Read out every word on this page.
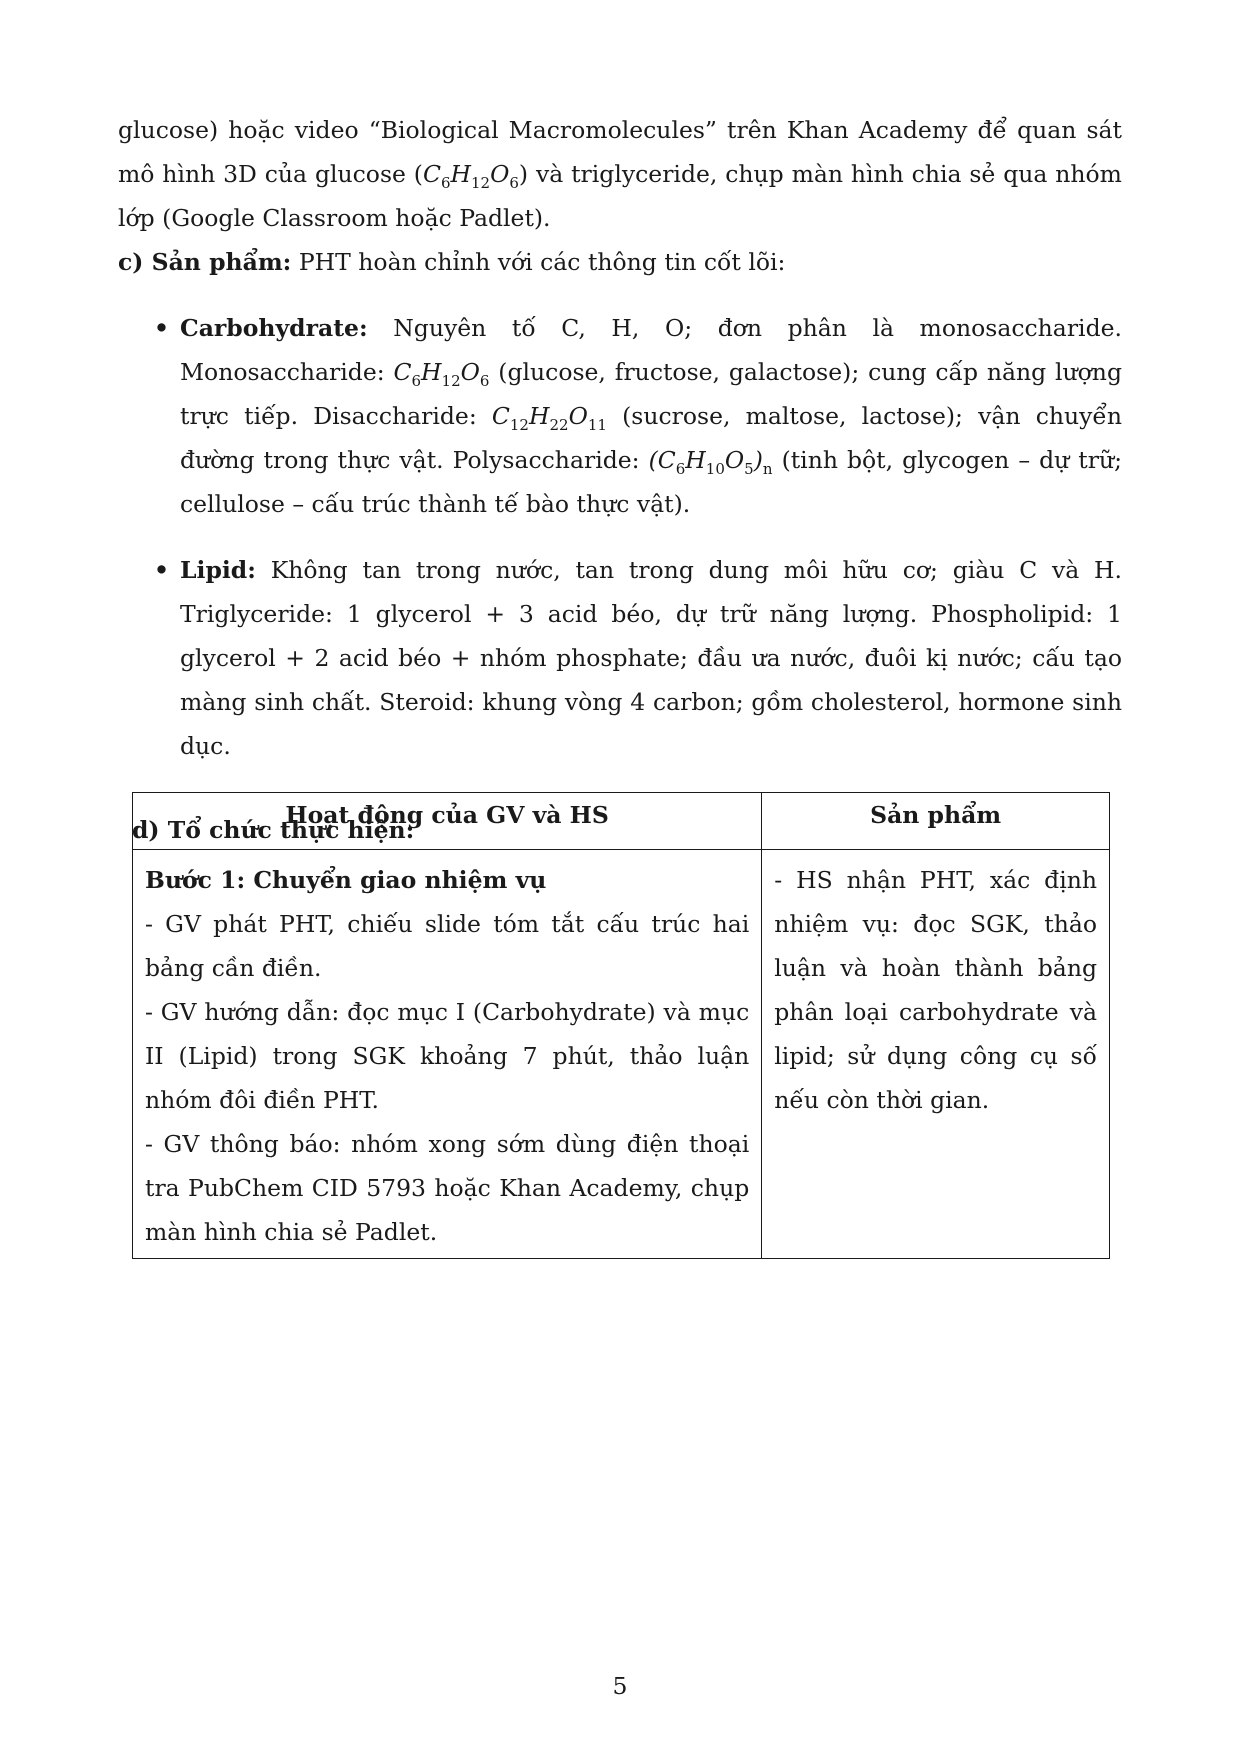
glucose) hoặc video “Biological Macromolecules” trên Khan Academy để quan sát mô hình 3D của glucose $(C_6H_{12}O_6)$ và triglyceride, chụp màn hình chia sẻ qua nhóm lớp (Google Classroom hoặc Padlet).

c) Sản phẩm: PHT hoàn chỉnh với các thông tin cốt lõi:

• Carbohydrate: Nguyên tố C, H, O; đơn phân là monosaccharide. Monosaccharide: $C_6H_{12}O_6$ (glucose, fructose, galactose); cung cấp năng lượng trực tiếp. Disaccharide: $C_{12}H_{22}O_{11}$ (sucrose, maltose, lactose); vận chuyển đường trong thực vật. Polysaccharide: $(C_6H_{10}O_5)_n$ (tinh bột, glycogen – dự trữ; cellulose – cấu trúc thành tế bào thực vật).
• Lipid: Không tan trong nước, tan trong dung môi hữu cơ; giàu C và H. Triglyceride: 1 glycerol + 3 acid béo, dự trữ năng lượng. Phospholipid: 1 glycerol + 2 acid béo + nhóm phosphate; đầu ưa nước, đuôi kị nước; cấu tạo màng sinh chất. Steroid: khung vòng 4 carbon; gồm cholesterol, hormone sinh dục.

d) Tổ chức thực hiện:

Hoạt động của GV và HS	Sản phẩm

Bước 1: Chuyển giao nhiệm vụ
- GV phát PHT, chiếu slide tóm tắt cấu trúc hai bảng cần điền.
- GV hướng dẫn: đọc mục I (Carbohydrate) và mục II (Lipid) trong SGK khoảng 7 phút, thảo luận nhóm đôi điền PHT.
- GV thông báo: nhóm xong sớm dùng điện thoại tra PubChem CID 5793 hoặc Khan Academy, chụp màn hình chia sẻ Padlet.	- HS nhận PHT, xác định nhiệm vụ: đọc SGK, thảo luận và hoàn thành bảng phân loại carbohydrate và lipid; sử dụng công cụ số nếu còn thời gian.
5
